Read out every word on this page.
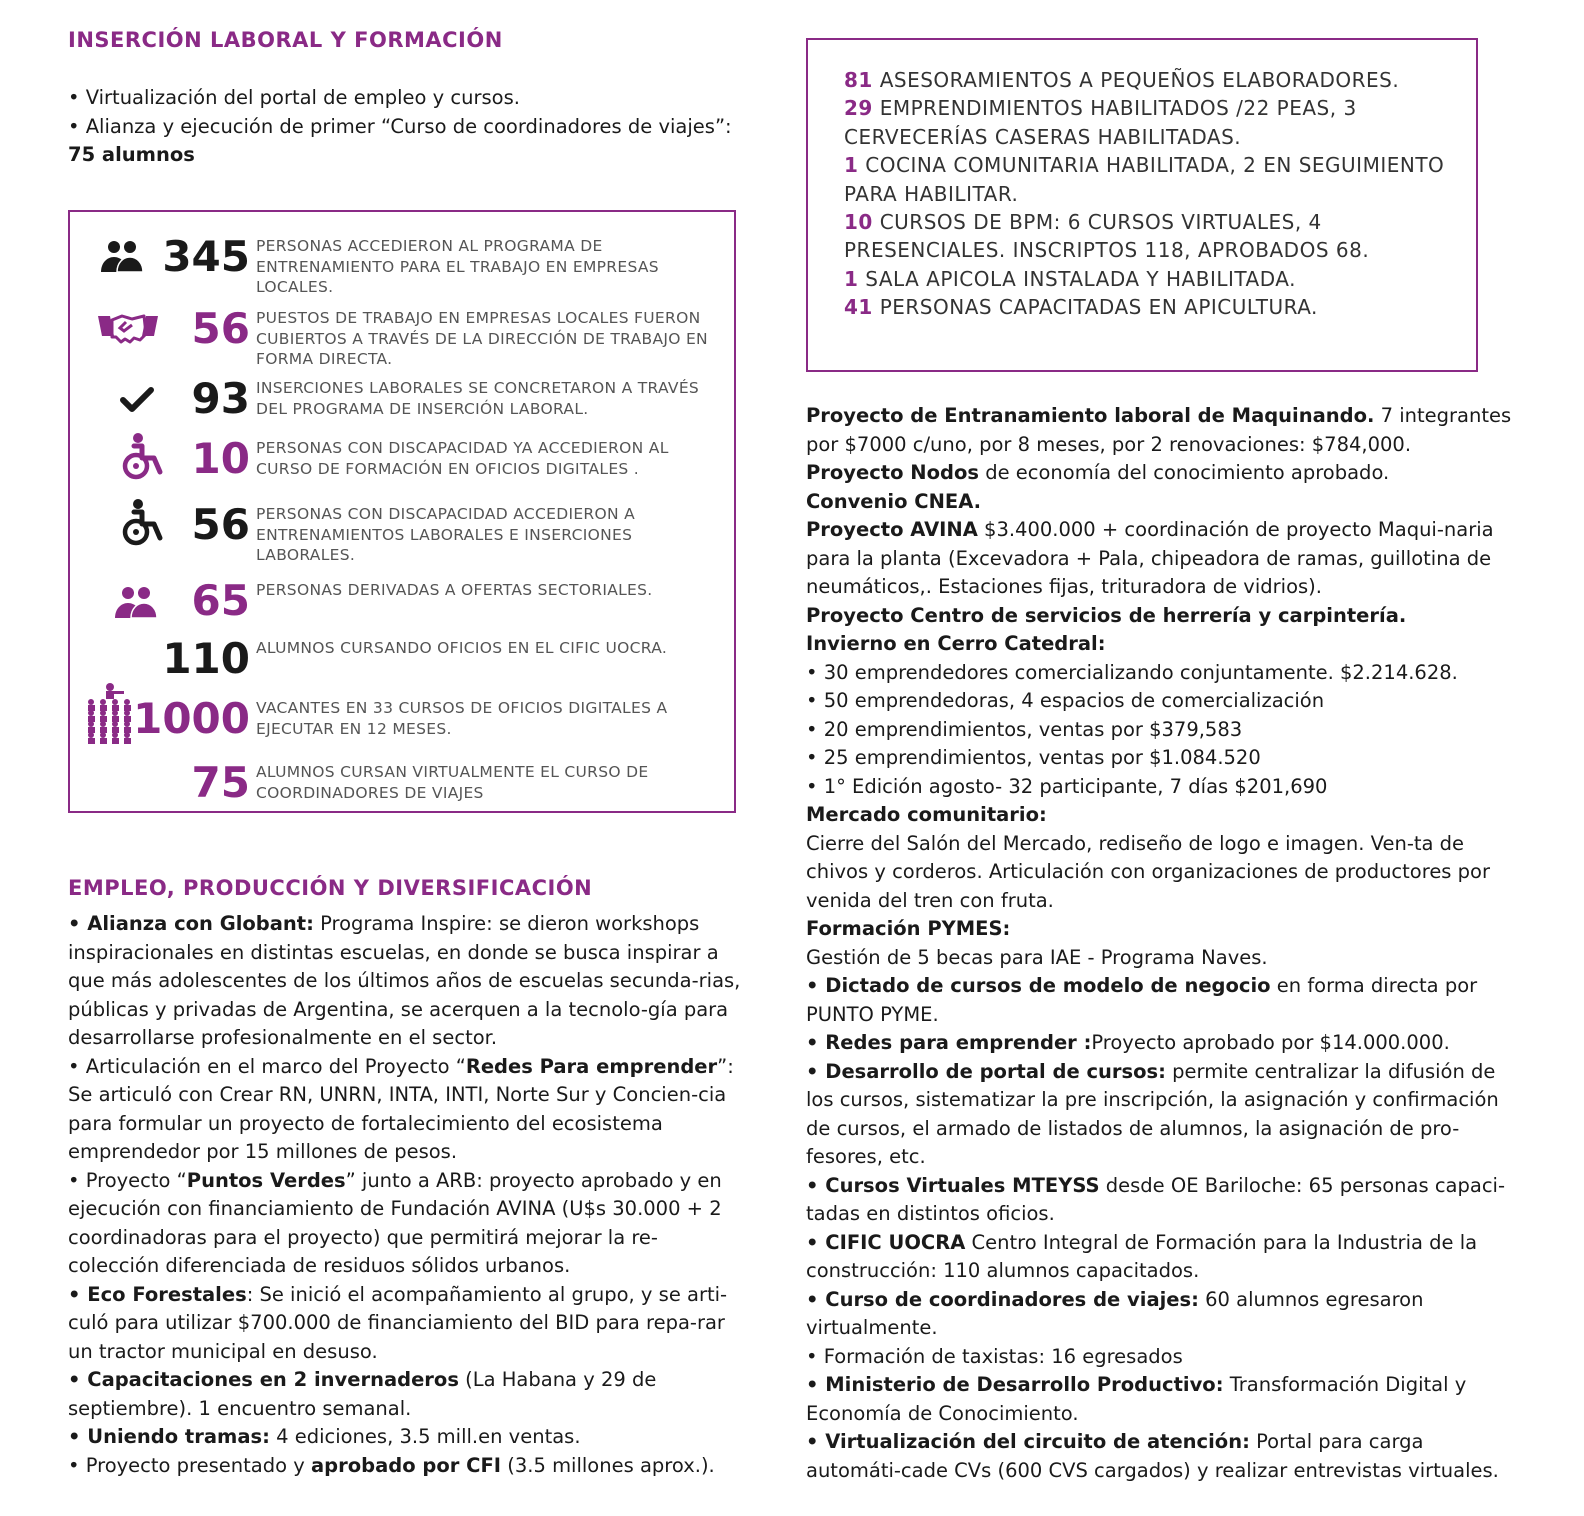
INSERCIÓN LABORAL Y FORMACIÓN

• Virtualización del portal de empleo y cursos.

• Alianza y ejecución de primer “Curso de coordinadores de viajes”:

75 alumnos

345 PERSONAS ACCEDIERON AL PROGRAMA DE ENTRENAMIENTO PARA EL TRABAJO EN EMPRESAS LOCALES.
56 PUESTOS DE TRABAJO EN EMPRESAS LOCALES FUERON CUBIERTOS A TRAVÉS DE LA DIRECCIÓN DE TRABAJO EN FORMA DIRECTA.
93 INSERCIONES LABORALES SE CONCRETARON A TRAVÉS DEL PROGRAMA DE INSERCIÓN LABORAL.
10 PERSONAS CON DISCAPACIDAD YA ACCEDIERON AL CURSO DE FORMACIÓN EN OFICIOS DIGITALES .
56 PERSONAS CON DISCAPACIDAD ACCEDIERON A ENTRENAMIENTOS LABORALES E INSERCIONES LABORALES.
65 PERSONAS DERIVADAS A OFERTAS SECTORIALES.
110 ALUMNOS CURSANDO OFICIOS EN EL CIFIC UOCRA.
1000 VACANTES EN 33 CURSOS DE OFICIOS DIGITALES A EJECUTAR EN 12 MESES.
75 ALUMNOS CURSAN VIRTUALMENTE EL CURSO DE COORDINADORES DE VIAJES
EMPLEO, PRODUCCIÓN Y DIVERSIFICACIÓN

• Alianza con Globant: Programa Inspire: se dieron workshops inspiracionales en distintas escuelas, en donde se busca inspirar a que más adolescentes de los últimos años de escuelas secunda-rias, públicas y privadas de Argentina, se acerquen a la tecnolo-gía para desarrollarse profesionalmente en el sector.

• Articulación en el marco del Proyecto “Redes Para emprender”: Se articuló con Crear RN, UNRN, INTA, INTI, Norte Sur y Concien-cia para formular un proyecto de fortalecimiento del ecosistema emprendedor por 15 millones de pesos.

• Proyecto “Puntos Verdes” junto a ARB: proyecto aprobado y en ejecución con financiamiento de Fundación AVINA (U$s 30.000 + 2 coordinadoras para el proyecto) que permitirá mejorar la re-colección diferenciada de residuos sólidos urbanos.

• Eco Forestales: Se inició el acompañamiento al grupo, y se arti-culó para utilizar $700.000 de financiamiento del BID para repa-rar un tractor municipal en desuso.

• Capacitaciones en 2 invernaderos (La Habana y 29 de septiembre). 1 encuentro semanal.

• Uniendo tramas: 4 ediciones, 3.5 mill.en ventas.

• Proyecto presentado y aprobado por CFI (3.5 millones aprox.).

81 ASESORAMIENTOS A PEQUEÑOS ELABORADORES.
29 EMPRENDIMIENTOS HABILITADOS /22 PEAS, 3 CERVECERÍAS CASERAS HABILITADAS.
1 COCINA COMUNITARIA HABILITADA, 2 EN SEGUIMIENTO PARA HABILITAR.
10 CURSOS DE BPM: 6 CURSOS VIRTUALES, 4 PRESENCIALES. INSCRIPTOS 118, APROBADOS 68.
1 SALA APICOLA INSTALADA Y HABILITADA.
41 PERSONAS CAPACITADAS EN APICULTURA.

Proyecto de Entranamiento laboral de Maquinando. 7 integrantes por $7000 c/uno, por 8 meses, por 2 renovaciones: $784,000.

Proyecto Nodos de economía del conocimiento aprobado.

Convenio CNEA.

Proyecto AVINA $3.400.000 + coordinación de proyecto Maqui-naria para la planta (Excevadora + Pala, chipeadora de ramas, guillotina de neumáticos,. Estaciones fijas, trituradora de vidrios).

Proyecto Centro de servicios de herrería y carpintería.

Invierno en Cerro Catedral:

• 30 emprendedores comercializando conjuntamente. $2.214.628.

• 50 emprendedoras, 4 espacios de comercialización

• 20 emprendimientos, ventas por $379,583

• 25 emprendimientos, ventas por $1.084.520

• 1° Edición agosto- 32 participante, 7 días $201,690

Mercado comunitario:

Cierre del Salón del Mercado, rediseño de logo e imagen. Ven-ta de chivos y corderos. Articulación con organizaciones de productores por venida del tren con fruta.

Formación PYMES:

Gestión de 5 becas para IAE - Programa Naves.

• Dictado de cursos de modelo de negocio en forma directa por PUNTO PYME.

• Redes para emprender :Proyecto aprobado por $14.000.000.

• Desarrollo de portal de cursos: permite centralizar la difusión de los cursos, sistematizar la pre inscripción, la asignación y confirmación de cursos, el armado de listados de alumnos, la asignación de pro-fesores, etc.

• Cursos Virtuales MTEYSS desde OE Bariloche: 65 personas capaci-tadas en distintos oficios.

• CIFIC UOCRA Centro Integral de Formación para la Industria de la construcción: 110 alumnos capacitados.

• Curso de coordinadores de viajes: 60 alumnos egresaron virtualmente.

• Formación de taxistas: 16 egresados

• Ministerio de Desarrollo Productivo: Transformación Digital y Economía de Conocimiento.

• Virtualización del circuito de atención: Portal para carga automáti-cade CVs (600 CVS cargados) y realizar entrevistas virtuales.
